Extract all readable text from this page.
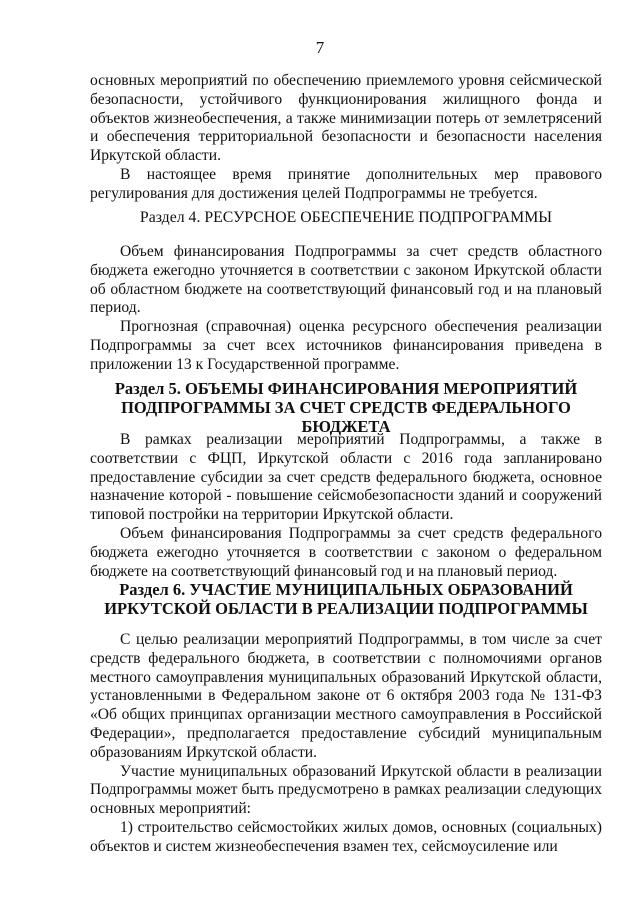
7

основных мероприятий по обеспечению приемлемого уровня сейсмической безопасности, устойчивого функционирования жилищного фонда и объектов жизнеобеспечения, а также минимизации потерь от землетрясений и обеспечения территориальной безопасности и безопасности населения Иркутской области.

В настоящее время принятие дополнительных мер правового регулирования для достижения целей Подпрограммы не требуется.

Раздел 4. РЕСУРСНОЕ ОБЕСПЕЧЕНИЕ ПОДПРОГРАММЫ

Объем финансирования Подпрограммы за счет средств областного бюджета ежегодно уточняется в соответствии с законом Иркутской области об областном бюджете на соответствующий финансовый год и на плановый период.

Прогнозная (справочная) оценка ресурсного обеспечения реализации Подпрограммы за счет всех источников финансирования приведена в приложении 13 к Государственной программе.

Раздел 5. ОБЪЕМЫ ФИНАНСИРОВАНИЯ МЕРОПРИЯТИЙ

ПОДПРОГРАММЫ ЗА СЧЕТ СРЕДСТВ ФЕДЕРАЛЬНОГО БЮДЖЕТА

В рамках реализации мероприятий Подпрограммы, а также в соответствии с ФЦП, Иркутской области с 2016 года запланировано предоставление субсидии за счет средств федерального бюджета, основное назначение которой - повышение сейсмобезопасности зданий и сооружений типовой постройки на территории Иркутской области.

Объем финансирования Подпрограммы за счет средств федерального бюджета ежегодно уточняется в соответствии с законом о федеральном бюджете на соответствующий финансовый год и на плановый период.

Раздел 6. УЧАСТИЕ МУНИЦИПАЛЬНЫХ ОБРАЗОВАНИЙ

ИРКУТСКОЙ ОБЛАСТИ В РЕАЛИЗАЦИИ ПОДПРОГРАММЫ

С целью реализации мероприятий Подпрограммы, в том числе за счет средств федерального бюджета, в соответствии с полномочиями органов местного самоуправления муниципальных образований Иркутской области, установленными в Федеральном законе от 6 октября 2003 года № 131-ФЗ «Об общих принципах организации местного самоуправления в Российской Федерации», предполагается предоставление субсидий муниципальным образованиям Иркутской области.

Участие муниципальных образований Иркутской области в реализации Подпрограммы может быть предусмотрено в рамках реализации следующих основных мероприятий:

1) строительство сейсмостойких жилых домов, основных (социальных) объектов и систем жизнеобеспечения взамен тех, сейсмоусиление или
